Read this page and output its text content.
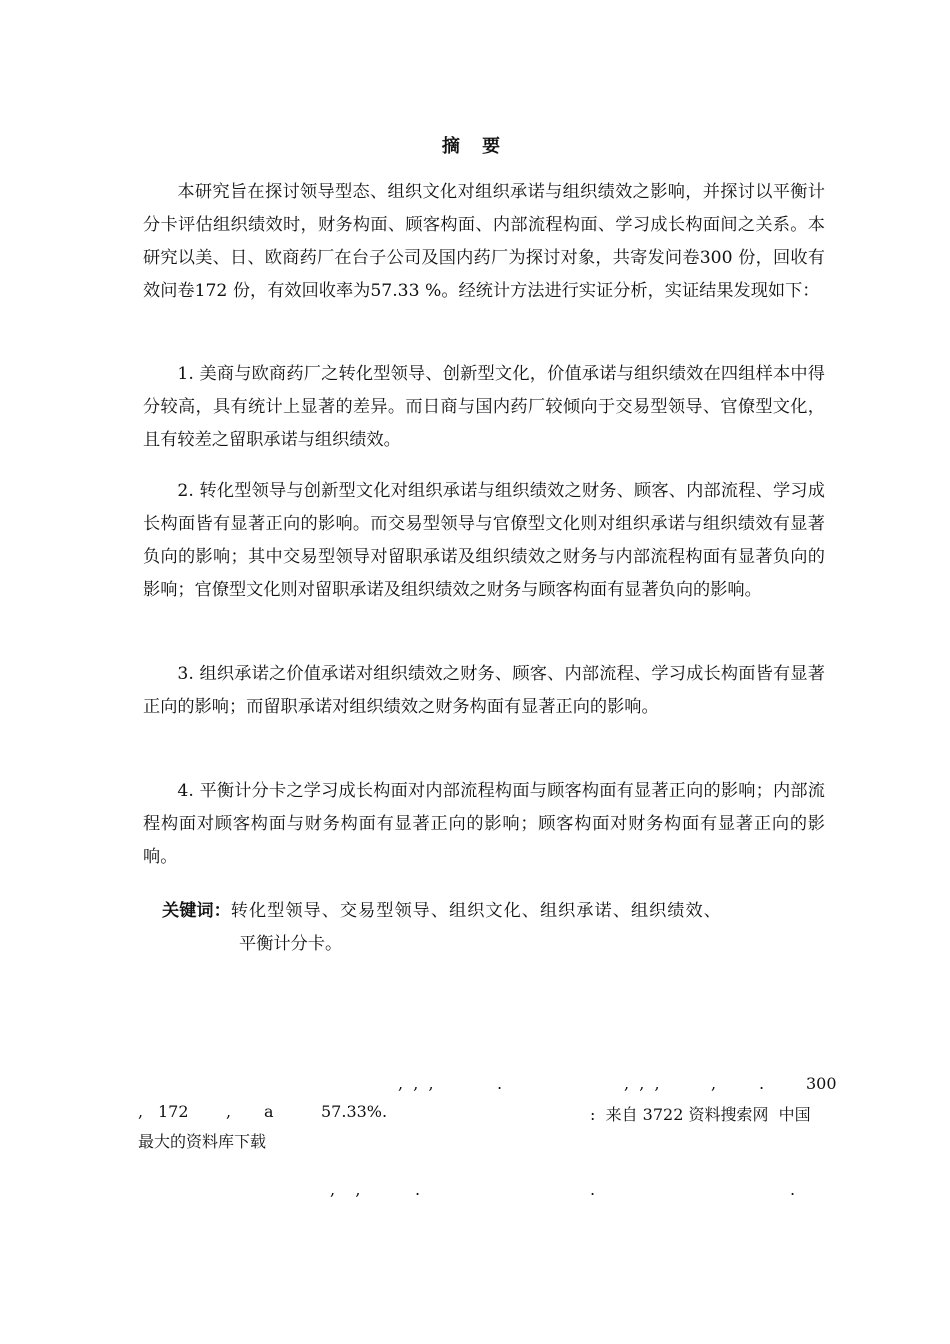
摘 要

本研究旨在探讨领导型态、组织文化对组织承诺与组织绩效之影响，并探讨以平衡计分卡评估组织绩效时，财务构面、顾客构面、内部流程构面、学习成长构面间之关系。本研究以美、日、欧商药厂在台子公司及国内药厂为探讨对象，共寄发问卷300 份，回收有效问卷172 份，有效回收率为57.33 %。经统计方法进行实证分析，实证结果发现如下：

1. 美商与欧商药厂之转化型领导、创新型文化，价值承诺与组织绩效在四组样本中得分较高，具有统计上显著的差异。而日商与国内药厂较倾向于交易型领导、官僚型文化，且有较差之留职承诺与组织绩效。

2. 转化型领导与创新型文化对组织承诺与组织绩效之财务、顾客、内部流程、学习成长构面皆有显著正向的影响。而交易型领导与官僚型文化则对组织承诺与组织绩效有显著负向的影响；其中交易型领导对留职承诺及组织绩效之财务与内部流程构面有显著负向的影响；官僚型文化则对留职承诺及组织绩效之财务与顾客构面有显著负向的影响。

3. 组织承诺之价值承诺对组织绩效之财务、顾客、内部流程、学习成长构面皆有显著正向的影响；而留职承诺对组织绩效之财务构面有显著正向的影响。

4. 平衡计分卡之学习成长构面对内部流程构面与顾客构面有显著正向的影响；内部流程构面对顾客构面与财务构面有显著正向的影响；顾客构面对财务构面有显著正向的影响。

关键词：转化型领导、交易型领导、组织文化、组织承诺、组织绩效、
平衡计分卡。
,  ,  ,	.	,  ,  ,	,	.	300
, 172 , a	57.33%.	:  来自 3722 资料搜索网  中国
最大的资料库下载
,    ,	.	.	.
